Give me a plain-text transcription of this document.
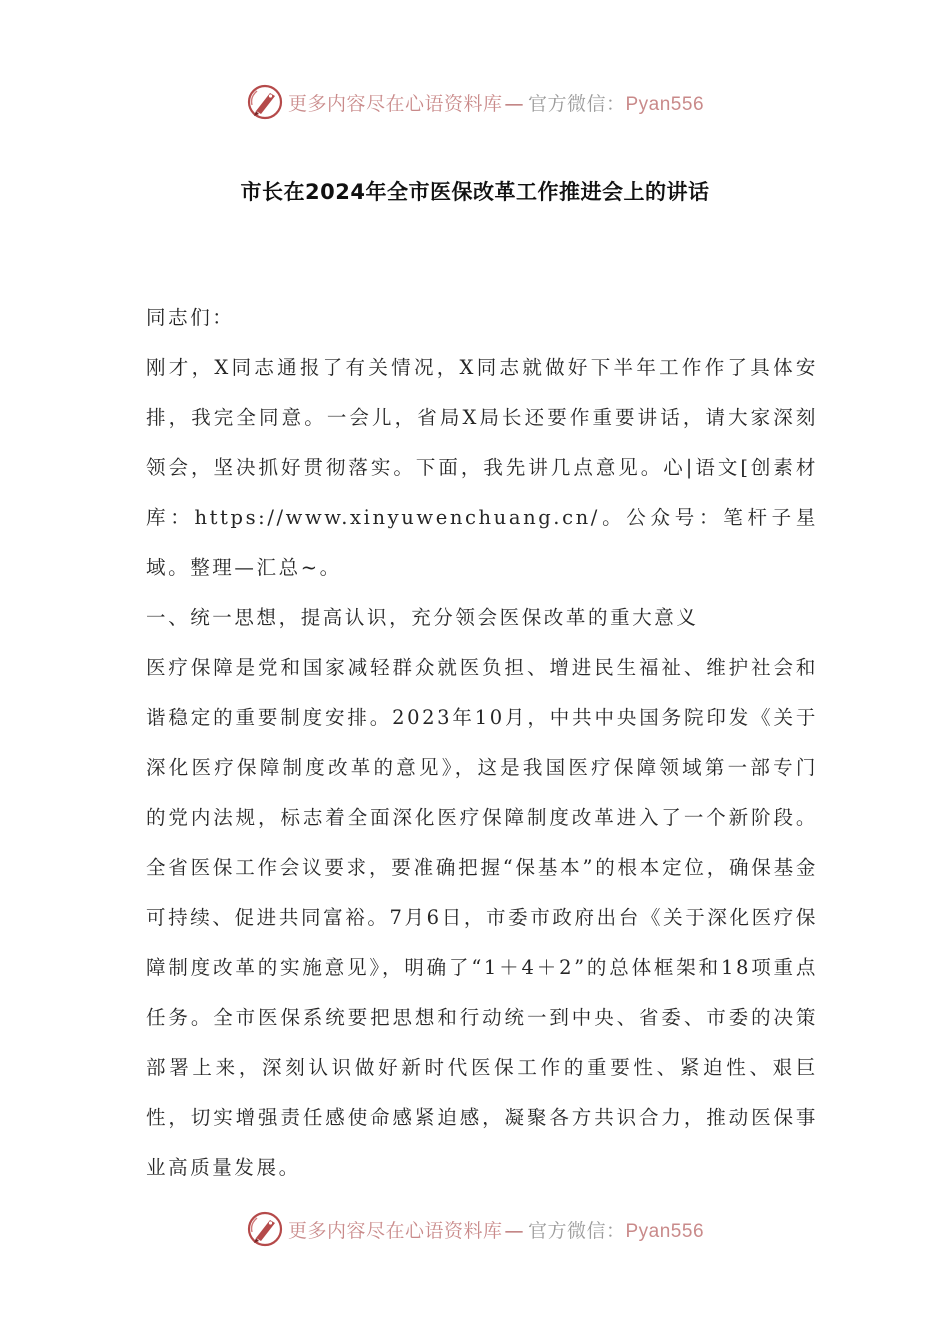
更多内容尽在心语资料库 — 官方微信：Pyan556
市长在2024年全市医保改革工作推进会上的讲话

同志们：

刚才，X同志通报了有关情况，X同志就做好下半年工作作了具体安排，我完全同意。一会儿，省局X局长还要作重要讲话，请大家深刻领会，坚决抓好贯彻落实。下面，我先讲几点意见。心|语文[创素材库：https://www.xinyuwenchuang.cn/。公众号：笔杆子星域。整理—汇总~。

一、统一思想，提高认识，充分领会医保改革的重大意义

医疗保障是党和国家减轻群众就医负担、增进民生福祉、维护社会和谐稳定的重要制度安排。2023年10月，中共中央国务院印发《关于深化医疗保障制度改革的意见》，这是我国医疗保障领域第一部专门的党内法规，标志着全面深化医疗保障制度改革进入了一个新阶段。全省医保工作会议要求，要准确把握“保基本”的根本定位，确保基金可持续、促进共同富裕。7月6日，市委市政府出台《关于深化医疗保障制度改革的实施意见》，明确了“1＋4＋2”的总体框架和18项重点任务。全市医保系统要把思想和行动统一到中央、省委、市委的决策部署上来，深刻认识做好新时代医保工作的重要性、紧迫性、艰巨性，切实增强责任感使命感紧迫感，凝聚各方共识合力，推动医保事业高质量发展。

更多内容尽在心语资料库 — 官方微信：Pyan556
